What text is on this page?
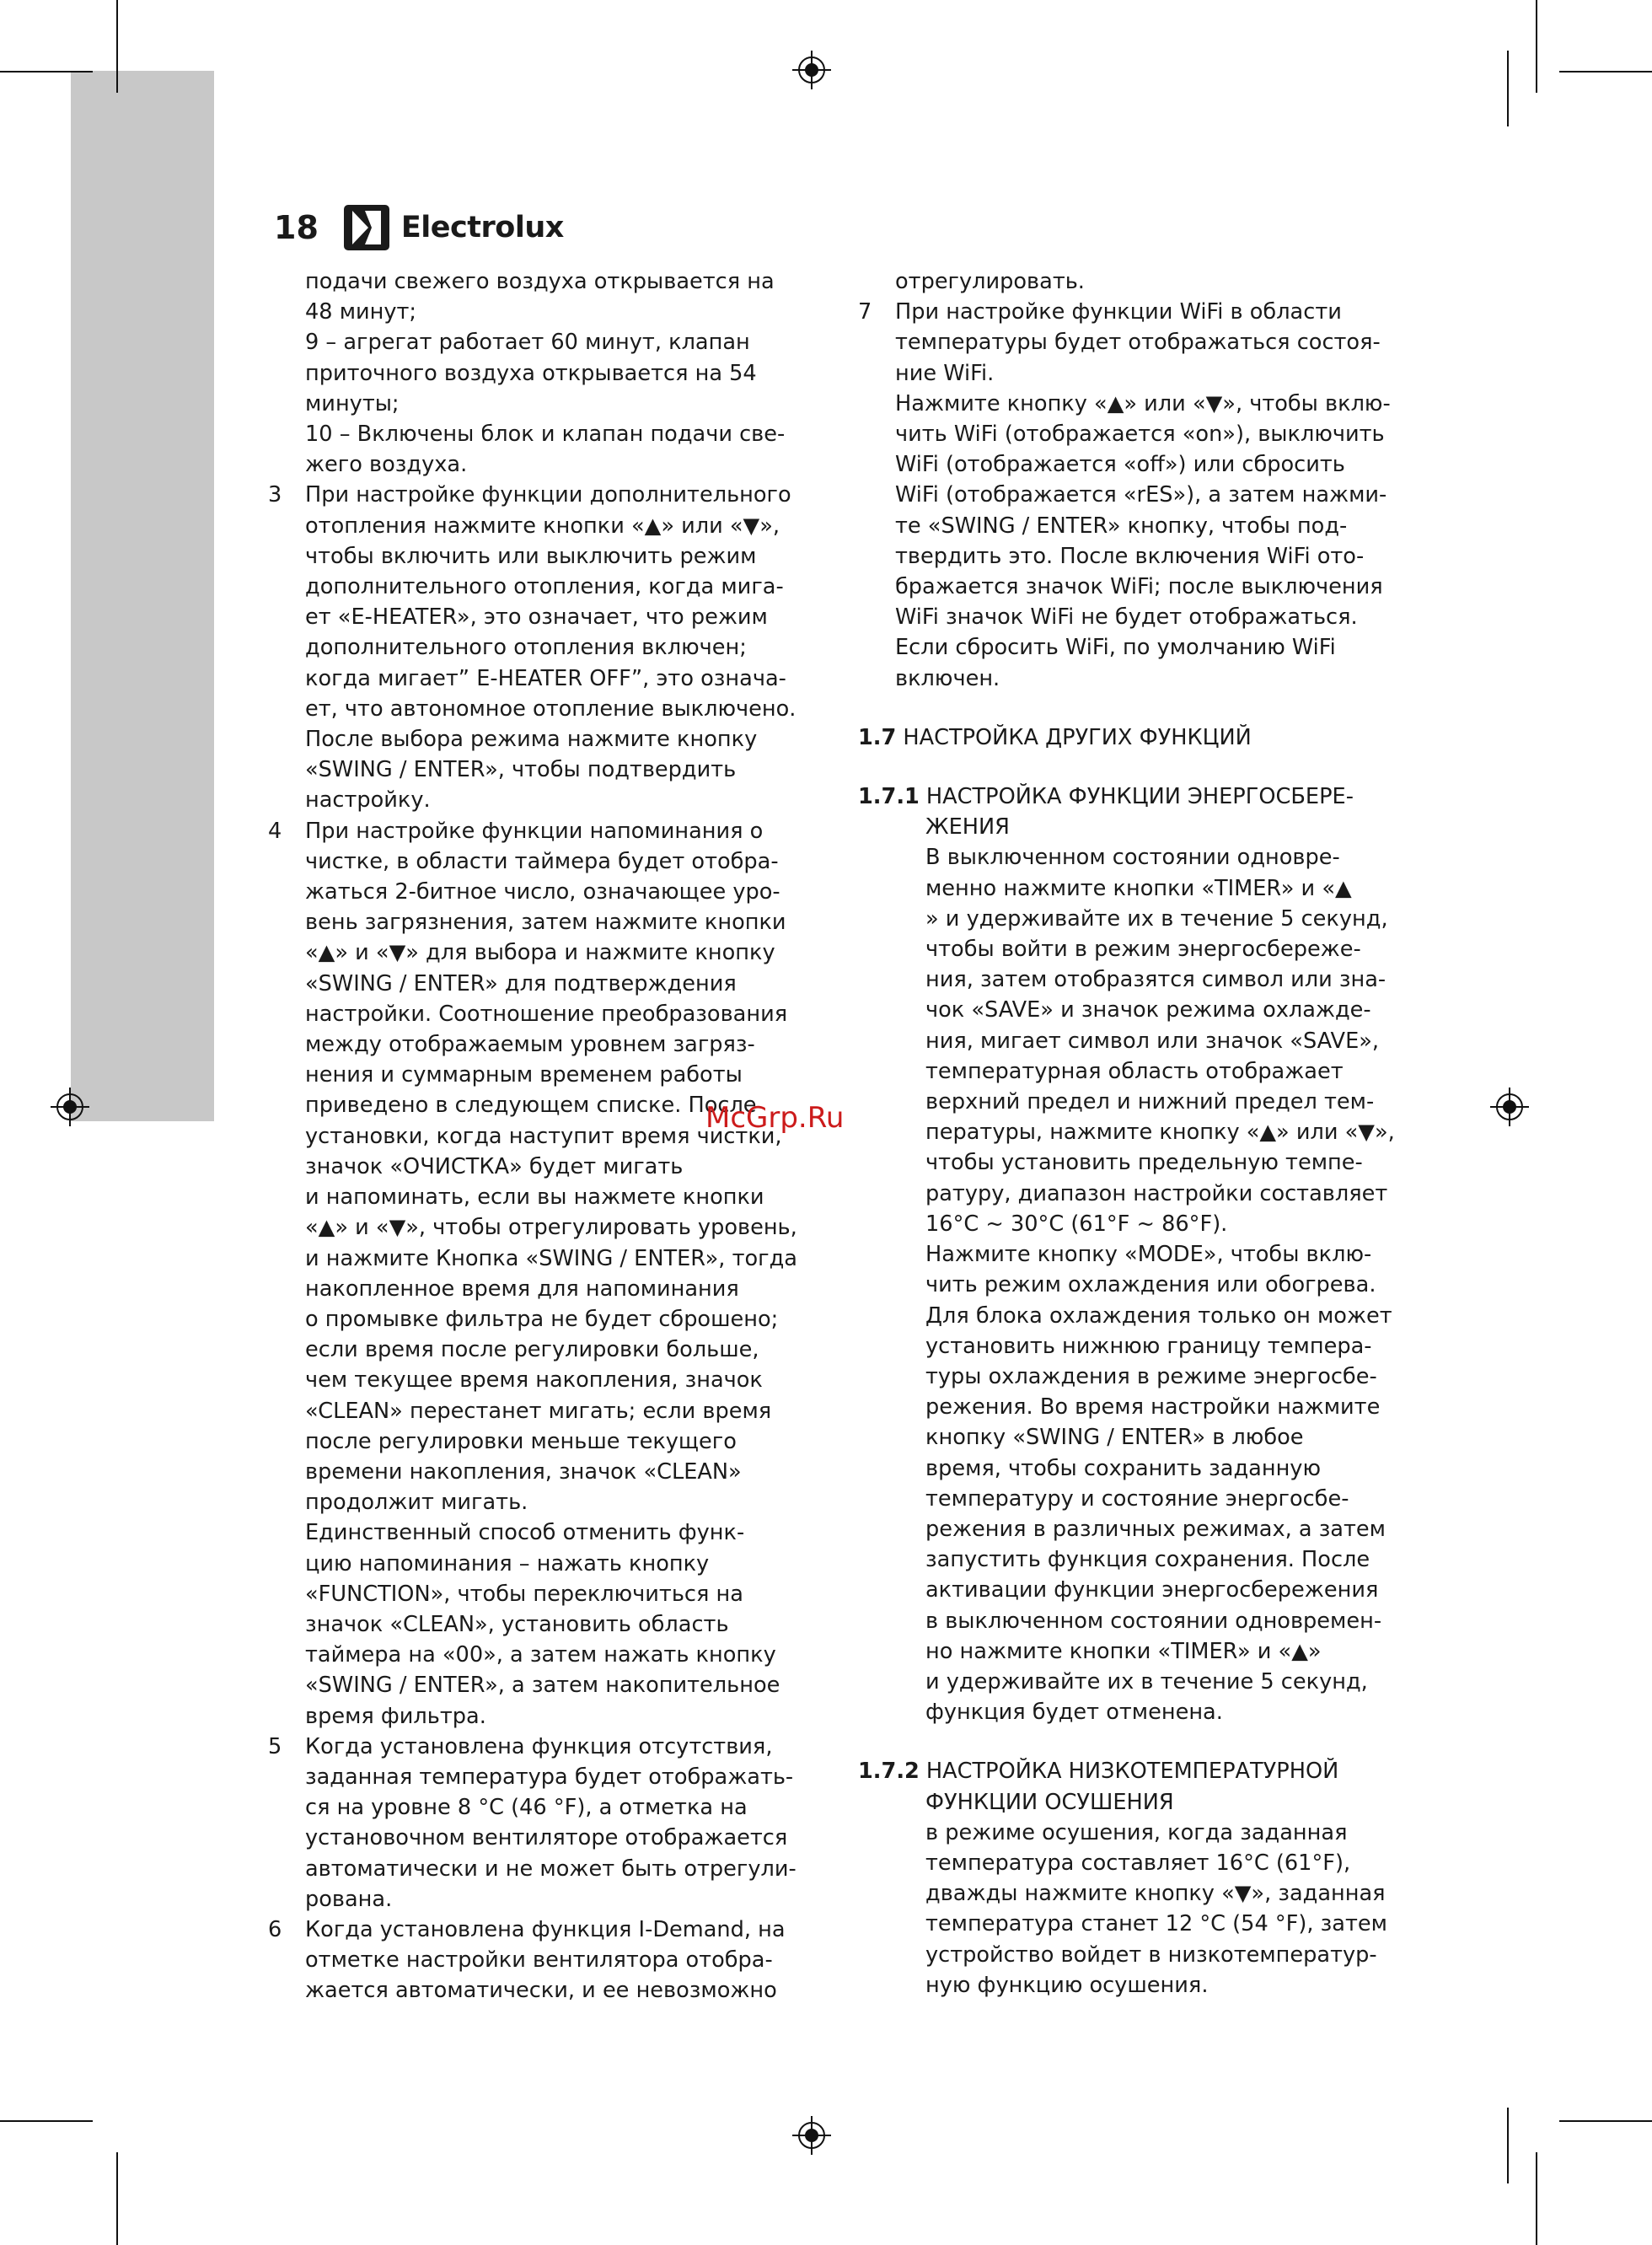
18	Electrolux
подачи свежего воздуха открывается на
48 минут;
9 – агрегат работает 60 минут, клапан
приточного воздуха открывается на 54
минуты;
10 – Включены блок и клапан подачи све-
жего воздуха.
3	При настройке функции дополнительного
отопления нажмите кнопки «▲» или «▼»,
чтобы включить или выключить режим
дополнительного отопления, когда мига-
ет «E-HEATER», это означает, что режим
дополнительного отопления включен;
когда мигает” E-HEATER OFF”, это означа-
ет, что автономное отопление выключено.
После выбора режима нажмите кнопку
«SWING / ENTER», чтобы подтвердить
настройку.
4	При настройке функции напоминания о
чистке, в области таймера будет отобра-
жаться 2-битное число, означающее уро-
вень загрязнения, затем нажмите кнопки
«▲» и «▼» для выбора и нажмите кнопку
«SWING / ENTER» для подтверждения
настройки. Соотношение преобразования
между отображаемым уровнем загряз-
нения и суммарным временем работы
приведено в следующем списке. После
установки, когда наступит время чистки,
значок «ОЧИСТКА» будет мигать
и напоминать, если вы нажмете кнопки
«▲» и «▼», чтобы отрегулировать уровень,
и нажмите Кнопка «SWING / ENTER», тогда
накопленное время для напоминания
о промывке фильтра не будет сброшено;
если время после регулировки больше,
чем текущее время накопления, значок
«CLEAN» перестанет мигать; если время
после регулировки меньше текущего
времени накопления, значок «CLEAN»
продолжит мигать.
Единственный способ отменить функ-
цию напоминания – нажать кнопку
«FUNCTION», чтобы переключиться на
значок «CLEAN», установить область
таймера на «00», а затем нажать кнопку
«SWING / ENTER», а затем накопительное
время фильтра.
5	Когда установлена функция отсутствия,
заданная температура будет отображать-
ся на уровне 8 °C (46 °F), а отметка на
установочном вентиляторе отображается
автоматически и не может быть отрегули-
рована.
6	Когда установлена функция I-Demand, на
отметке настройки вентилятора отобра-
жается автоматически, и ее невозможно
отрегулировать.
7	При настройке функции WiFi в области
температуры будет отображаться состоя-
ние WiFi.
Нажмите кнопку «▲» или «▼», чтобы вклю-
чить WiFi (отображается «on»), выключить
WiFi (отображается «off») или сбросить
WiFi (отображается «rES»), а затем нажми-
те «SWING / ENTER» кнопку, чтобы под-
твердить это. После включения WiFi ото-
бражается значок WiFi; после выключения
WiFi значок WiFi не будет отображаться.
Если сбросить WiFi, по умолчанию WiFi
включен.
1.7 НАСТРОЙКА ДРУГИХ ФУНКЦИЙ
1.7.1 НАСТРОЙКА ФУНКЦИИ ЭНЕРГОСБЕРЕ-
ЖЕНИЯ
В выключенном состоянии одновре-
менно нажмите кнопки «TIMER» и «▲
» и удерживайте их в течение 5 секунд,
чтобы войти в режим энергосбереже-
ния, затем отобразятся символ или зна-
чок «SAVE» и значок режима охлажде-
ния, мигает символ или значок «SAVE»,
температурная область отображает
верхний предел и нижний предел тем-
пературы, нажмите кнопку «▲» или «▼»,
чтобы установить предельную темпе-
ратуру, диапазон настройки составляет
16°C ~ 30°C (61°F ~ 86°F).
Нажмите кнопку «MODE», чтобы вклю-
чить режим охлаждения или обогрева.
Для блока охлаждения только он может
установить нижнюю границу темпера-
туры охлаждения в режиме энергосбе-
режения. Во время настройки нажмите
кнопку «SWING / ENTER» в любое
время, чтобы сохранить заданную
температуру и состояние энергосбе-
режения в различных режимах, а затем
запустить функция сохранения. После
активации функции энергосбережения
в выключенном состоянии одновремен-
но нажмите кнопки «TIMER» и «▲»
и удерживайте их в течение 5 секунд,
функция будет отменена.
1.7.2 НАСТРОЙКА НИЗКОТЕМПЕРАТУРНОЙ
ФУНКЦИИ ОСУШЕНИЯ
в режиме осушения, когда заданная
температура составляет 16°C (61°F),
дважды нажмите кнопку «▼», заданная
температура станет 12 °C (54 °F), затем
устройство войдет в низкотемператур-
ную функцию осушения.
McGrp.Ru
